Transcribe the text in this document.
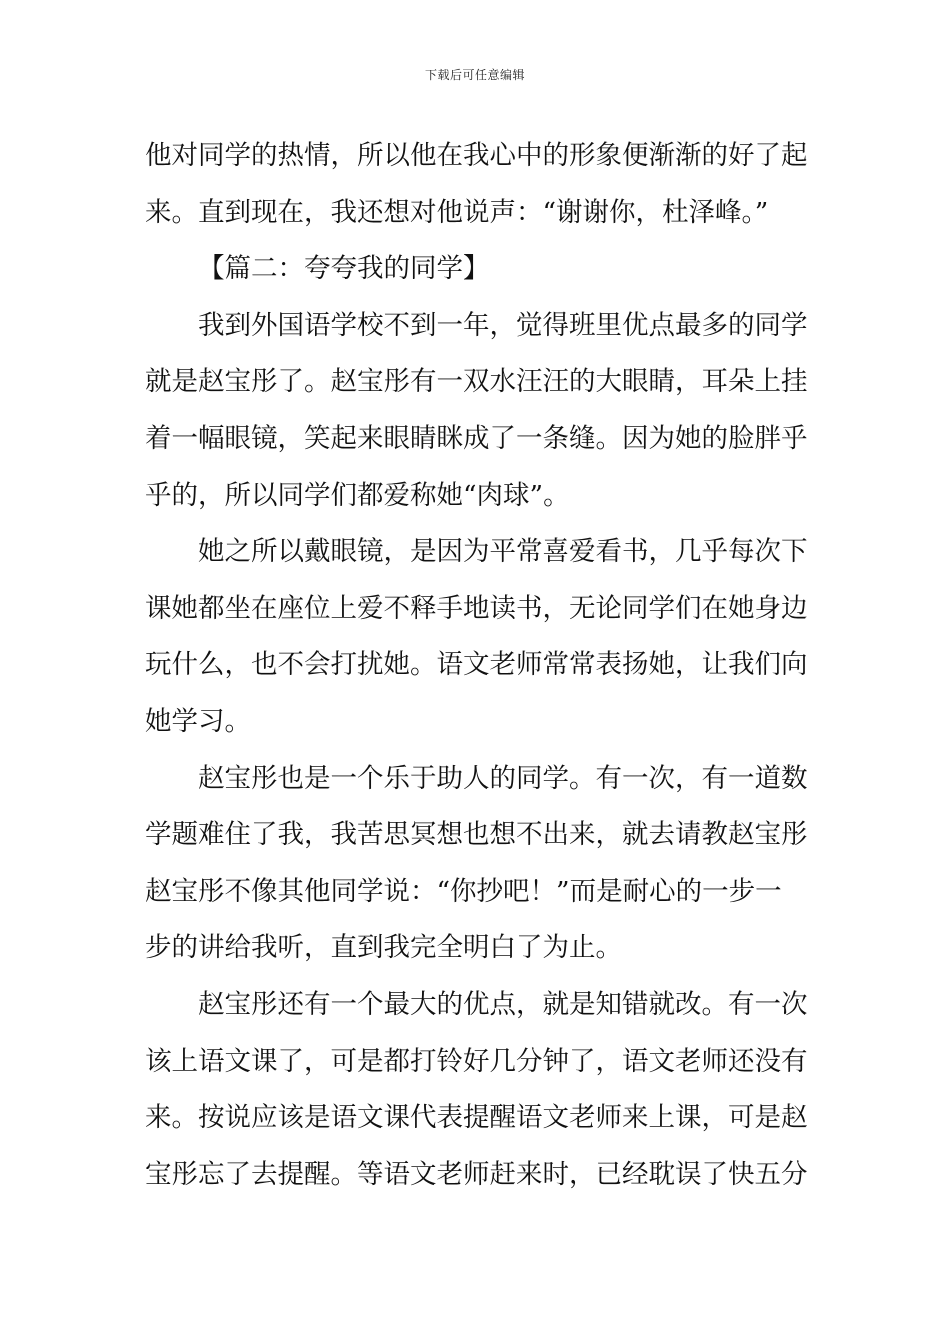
下载后可任意编辑
他对同学的热情，所以他在我心中的形象便渐渐的好了起
来。直到现在，我还想对他说声：“谢谢你，杜泽峰。”
【篇二：夸夸我的同学】
我到外国语学校不到一年，觉得班里优点最多的同学
就是赵宝彤了。赵宝彤有一双水汪汪的大眼睛，耳朵上挂
着一幅眼镜，笑起来眼睛眯成了一条缝。因为她的脸胖乎
乎的，所以同学们都爱称她“肉球”。
她之所以戴眼镜，是因为平常喜爱看书，几乎每次下
课她都坐在座位上爱不释手地读书，无论同学们在她身边
玩什么，也不会打扰她。语文老师常常表扬她，让我们向
她学习。
赵宝彤也是一个乐于助人的同学。有一次，有一道数
学题难住了我，我苦思冥想也想不出来，就去请教赵宝彤
赵宝彤不像其他同学说：“你抄吧！”而是耐心的一步一
步的讲给我听，直到我完全明白了为止。
赵宝彤还有一个最大的优点，就是知错就改。有一次
该上语文课了，可是都打铃好几分钟了，语文老师还没有
来。按说应该是语文课代表提醒语文老师来上课，可是赵
宝彤忘了去提醒。等语文老师赶来时，已经耽误了快五分
